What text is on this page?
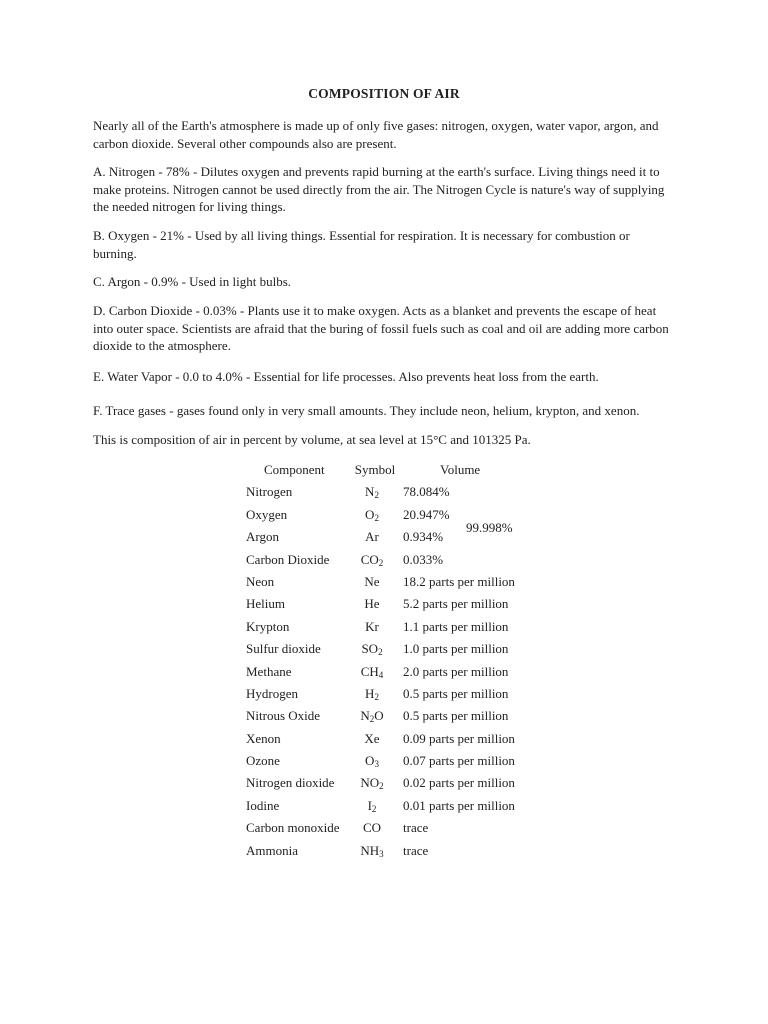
COMPOSITION OF AIR

Nearly all of the Earth's atmosphere is made up of only five gases: nitrogen, oxygen, water vapor, argon, and carbon dioxide. Several other compounds also are present.

A. Nitrogen - 78% - Dilutes oxygen and prevents rapid burning at the earth's surface. Living things need it to make proteins. Nitrogen cannot be used directly from the air. The Nitrogen Cycle is nature's way of supplying the needed nitrogen for living things.

B. Oxygen - 21% - Used by all living things. Essential for respiration. It is necessary for combustion or burning.

C. Argon - 0.9% - Used in light bulbs.

D. Carbon Dioxide - 0.03% - Plants use it to make oxygen. Acts as a blanket and prevents the escape of heat into outer space. Scientists are afraid that the buring of fossil fuels such as coal and oil are adding more carbon dioxide to the atmosphere.

E. Water Vapor - 0.0 to 4.0% - Essential for life processes. Also prevents heat loss from the earth.

F. Trace gases - gases found only in very small amounts. They include neon, helium, krypton, and xenon.

This is composition of air in percent by volume, at sea level at 15°C and 101325 Pa.

Component	Symbol	Volume
Nitrogen	$N_2$	78.084%
Oxygen	$O_2$	20.947%
Argon	Ar	0.934%
Carbon Dioxide	$CO_2$	0.033%
Neon	Ne	18.2 parts per million
Helium	He	5.2 parts per million
Krypton	Kr	1.1 parts per million
Sulfur dioxide	$SO_2$	1.0 parts per million
Methane	$CH_4$	2.0 parts per million
Hydrogen	$H_2$	0.5 parts per million
Nitrous Oxide	$N_2O$	0.5 parts per million
Xenon	Xe	0.09 parts per million
Ozone	$O_3$	0.07 parts per million
Nitrogen dioxide	$NO_2$	0.02 parts per million
Iodine	$I_2$	0.01 parts per million
Carbon monoxide	CO	trace
Ammonia	$NH_3$	trace
99.998%
